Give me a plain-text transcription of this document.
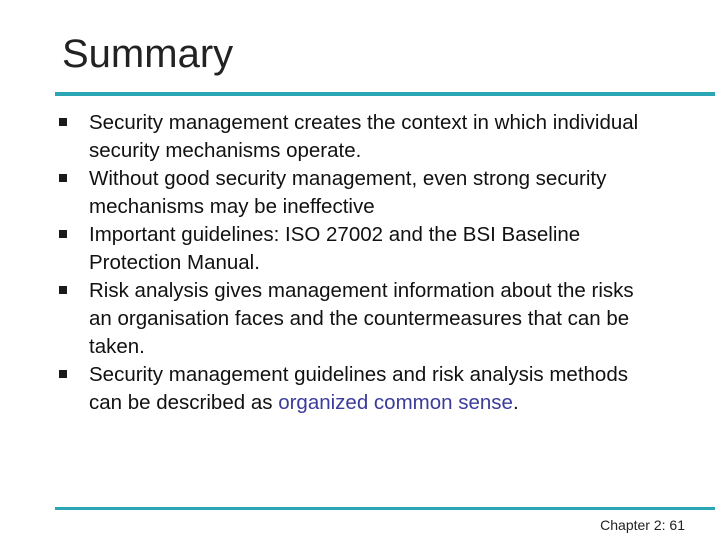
Summary
Security management creates the context in which individual security mechanisms operate.
Without good security management, even strong security mechanisms may be ineffective
Important guidelines: ISO 27002 and the BSI Baseline Protection Manual.
Risk analysis gives management information about the risks an organisation faces and the countermeasures that can be taken.
Security management guidelines and risk analysis methods can be described as organized common sense.
Chapter 2: 61
